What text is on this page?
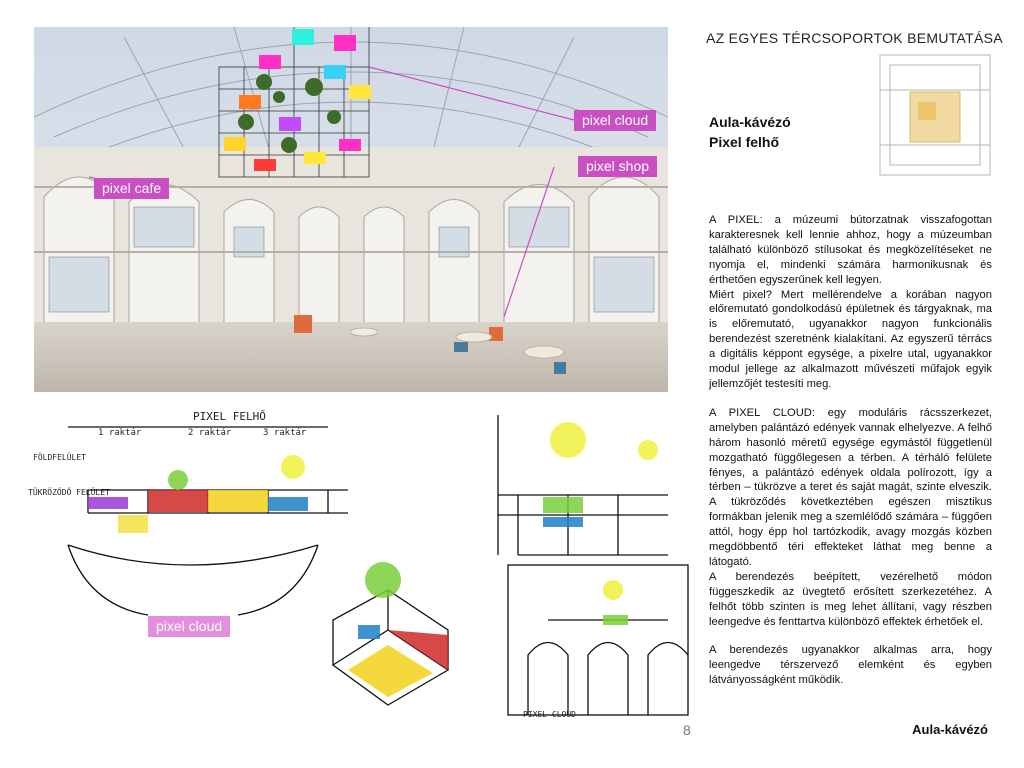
AZ EGYES TÉRCSOPORTOK BEMUTATÁSA
pixel cloud
pixel shop
pixel cafe
Aula-kávézó
Pixel felhő

A PIXEL: a múzeumi bútorzatnak visszafogottan karakteresnek kell lennie ahhoz, hogy a múzeumban található különböző stílusokat és megközelítéseket ne nyomja el, mindenki számára harmonikusnak és érthetően egyszerűnek kell legyen.

Miért pixel? Mert mellérendelve a korában nagyon előremutató gondolkodású épületnek és tárgyaknak, ma is előremutató, ugyanakkor nagyon funkcionális berendezést szeretnénk kialakítani. Az egyszerű térrács a digitális képpont egysége, a pixelre utal, ugyanakkor modul jellege az alkalmazott művészeti műfajok egyik jellemzőjét testesíti meg.

A PIXEL CLOUD: egy moduláris rácsszerkezet, amelyben palántázó edények vannak elhelyezve. A felhő három hasonló méretű egysége egymástól függetlenül mozgatható függőlegesen a térben. A térháló felülete fényes, a palántázó edények oldala polírozott, így a térben – tükrözve a teret és saját magát, szinte elveszik. A tükröződés következtében egészen misztikus formákban jelenik meg a szemlélődő számára – függően attól, hogy épp hol tartózkodik, avagy mozgás közben megdöbbentő téri effekteket láthat meg benne a látogató.

A berendezés beépített, vezérelhető módon függeszkedik az üvegtető erősített szerkezetéhez. A felhőt több szinten is meg lehet állítani, vagy részben leengedve és fenttartva különböző effektek érhetőek el.

A berendezés ugyanakkor alkalmas arra, hogy leengedve térszervező elemként és egyben látványosságként működik.

PIXEL FELHŐ
1 raktár	2 raktár	3 raktár
FÖLDFELÜLET
TÜKRÖZŐDŐ FELÜLET
PIXEL CLOUD
pixel cloud
8	Aula-kávézó
